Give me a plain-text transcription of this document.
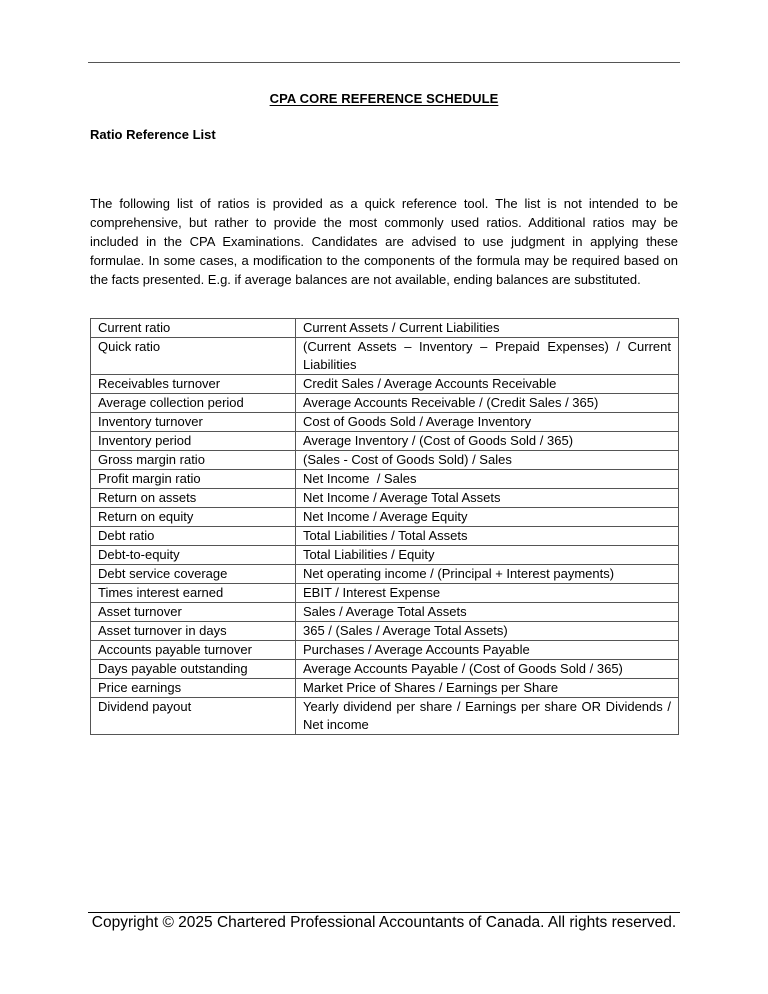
CPA CORE REFERENCE SCHEDULE
Ratio Reference List

The following list of ratios is provided as a quick reference tool. The list is not intended to be comprehensive, but rather to provide the most commonly used ratios. Additional ratios may be included in the CPA Examinations. Candidates are advised to use judgment in applying these formulae. In some cases, a modification to the components of the formula may be required based on the facts presented. E.g. if average balances are not available, ending balances are substituted.

Current ratio	Current Assets / Current Liabilities
Quick ratio	(Current Assets – Inventory – Prepaid Expenses) / Current Liabilities
Receivables turnover	Credit Sales / Average Accounts Receivable
Average collection period	Average Accounts Receivable / (Credit Sales / 365)
Inventory turnover	Cost of Goods Sold / Average Inventory
Inventory period	Average Inventory / (Cost of Goods Sold / 365)
Gross margin ratio	(Sales - Cost of Goods Sold) / Sales
Profit margin ratio	Net Income  / Sales
Return on assets	Net Income / Average Total Assets
Return on equity	Net Income / Average Equity
Debt ratio	Total Liabilities / Total Assets
Debt-to-equity	Total Liabilities / Equity
Debt service coverage	Net operating income / (Principal + Interest payments)
Times interest earned	EBIT / Interest Expense
Asset turnover	Sales / Average Total Assets
Asset turnover in days	365 / (Sales / Average Total Assets)
Accounts payable turnover	Purchases / Average Accounts Payable
Days payable outstanding	Average Accounts Payable / (Cost of Goods Sold / 365)
Price earnings	Market Price of Shares / Earnings per Share
Dividend payout	Yearly dividend per share / Earnings per share OR Dividends / Net income
Copyright © 2025 Chartered Professional Accountants of Canada. All rights reserved.
